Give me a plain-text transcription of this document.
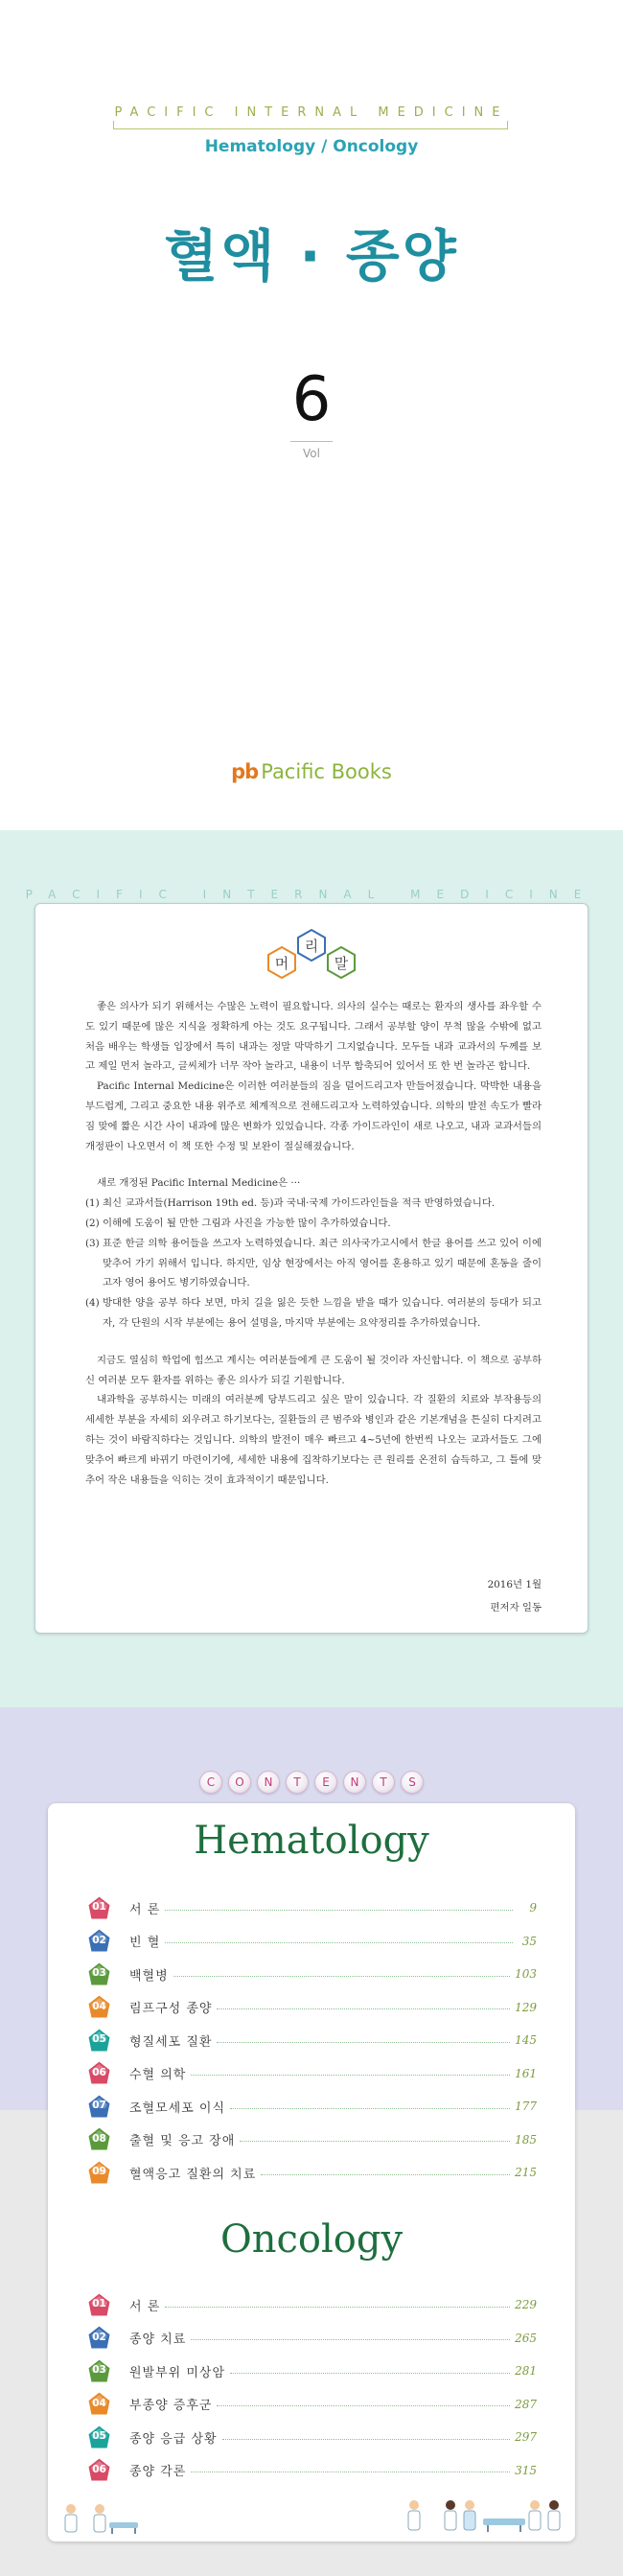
PACIFIC INTERNAL MEDICINE
Hematology / Oncology
혈액 · 종양
6
Vol
pb Pacific Books
PACIFIC INTERNAL MEDICINE
머
리
말

좋은 의사가 되기 위해서는 수많은 노력이 필요합니다. 의사의 실수는 때로는 환자의 생사를 좌우할 수도 있기 때문에 많은 지식을 정확하게 아는 것도 요구됩니다. 그래서 공부할 양이 무척 많을 수밖에 없고 처음 배우는 학생들 입장에서 특히 내과는 정말 막막하기 그지없습니다. 모두들 내과 교과서의 두께를 보고 제일 먼저 놀라고, 글씨체가 너무 작아 놀라고, 내용이 너무 함축되어 있어서 또 한 번 놀라곤 합니다.

Pacific Internal Medicine은 이러한 여러분들의 짐을 덜어드리고자 만들어졌습니다. 막박한 내용을 부드럽게, 그리고 중요한 내용 위주로 체계적으로 전해드리고자 노력하였습니다. 의학의 발전 속도가 빨라짐 맞에 짧은 시간 사이 내과에 많은 변화가 있었습니다. 각종 가이드라인이 새로 나오고, 내과 교과서들의 개정판이 나오면서 이 책 또한 수정 및 보완이 절실해졌습니다.

새로 개정된 Pacific Internal Medicine은 ···

(1) 최신 교과서들(Harrison 19th ed. 등)과 국내·국제 가이드라인들을 적극 반영하였습니다.
(2) 이해에 도움이 될 만한 그림과 사진을 가능한 많이 추가하였습니다.
(3) 표준 한글 의학 용어들을 쓰고자 노력하였습니다. 최근 의사국가고시에서 한글 용어를 쓰고 있어 이에 맞추어 가기 위해서 입니다. 하지만, 임상 현장에서는 아직 영어를 혼용하고 있기 때문에 혼동을 줄이고자 영어 용어도 병기하였습니다.
(4) 방대한 양을 공부 하다 보면, 마치 길을 잃은 듯한 느낌을 받을 때가 있습니다. 여러분의 등대가 되고자, 각 단원의 시작 부분에는 용어 설명을, 마지막 부분에는 요약정리를 추가하였습니다.

지금도 열심히 학업에 힘쓰고 계시는 여러분들에게 큰 도움이 될 것이라 자신합니다. 이 책으로 공부하신 여러분 모두 환자를 위하는 좋은 의사가 되길 기원합니다.

내과학을 공부하시는 미래의 여러분께 당부드리고 싶은 말이 있습니다. 각 질환의 치료와 부작용등의 세세한 부분을 자세히 외우려고 하기보다는, 질환들의 큰 범주와 병인과 같은 기본개념을 튼실히 다지려고 하는 것이 바람직하다는 것입니다. 의학의 발전이 매우 빠르고 4~5년에 한번씩 나오는 교과서들도 그에 맞추어 빠르게 바뀌기 마련이기에, 세세한 내용에 집착하기보다는 큰 원리를 온전히 습득하고, 그 틀에 맞추어 작은 내용들을 익히는 것이 효과적이기 때문입니다.

2016년 1월
편저자 일동
C	O	N	T	E	N	T	S
Hematology
01 서 론	9
02 빈 혈	35
03 백혈병	103
04 림프구성 종양	129
05 형질세포 질환	145
06 수혈 의학	161
07 조혈모세포 이식	177
08 출혈 및 응고 장애	185
09 혈액응고 질환의 치료	215
Oncology
01 서 론	229
02 종양 치료	265
03 원발부위 미상암	281
04 부종양 증후군	287
05 종양 응급 상황	297
06 종양 각론	315
